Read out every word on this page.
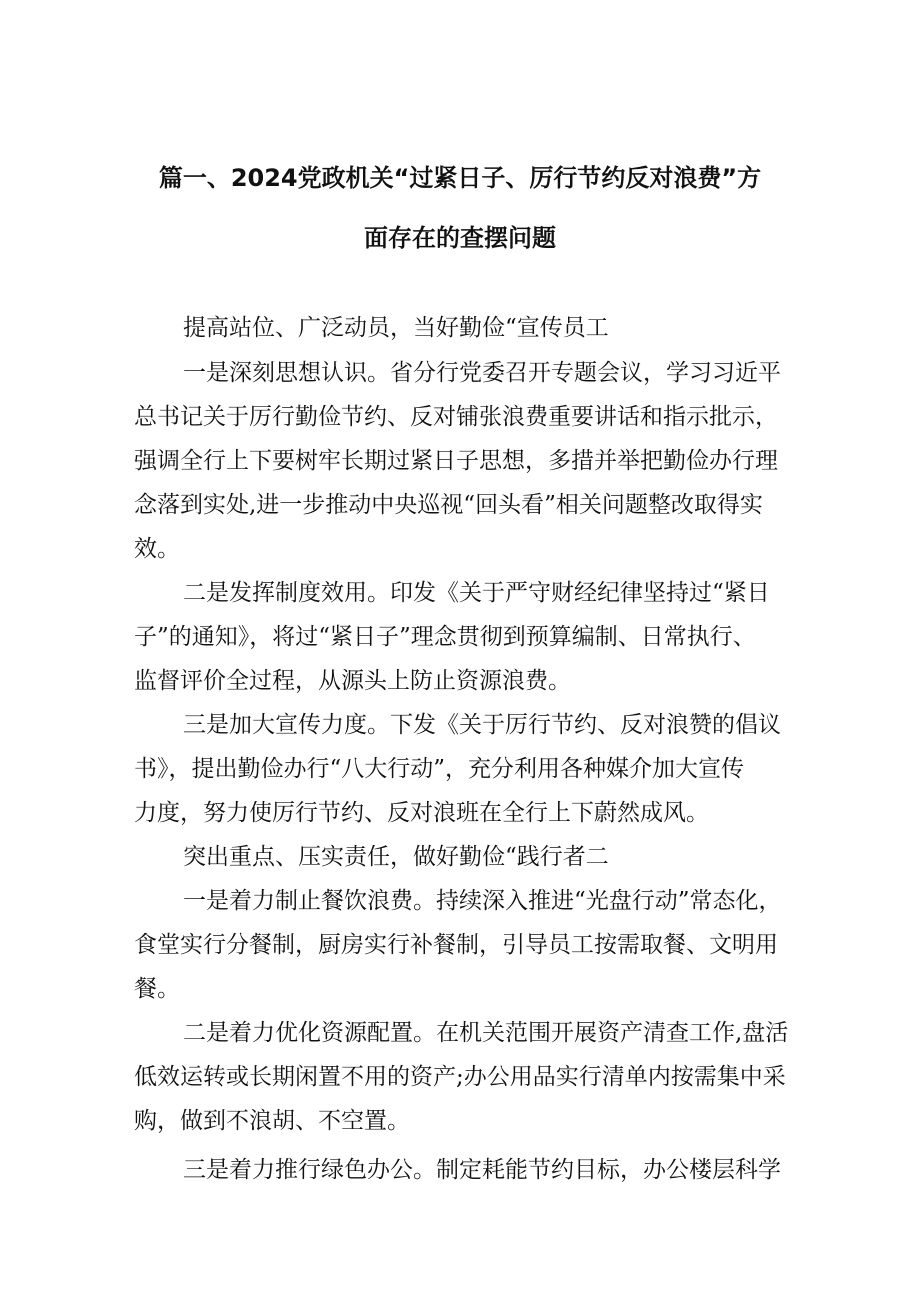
篇一、2024党政机关“过紧日子、厉行节约反对浪费”方
面存在的查摆问题
提高站位、广泛动员，当好勤俭“宣传员工
一是深刻思想认识。省分行党委召开专题会议，学习习近平
总书记关于厉行勤俭节约、反对铺张浪费重要讲话和指示批示，
强调全行上下要树牢长期过紧日子思想，多措并举把勤俭办行理
念落到实处,进一步推动中央巡视“回头看”相关问题整改取得实
效。
二是发挥制度效用。印发《关于严守财经纪律坚持过“紧日
子”的通知》，将过“紧日子”理念贯彻到预算编制、日常执行、
监督评价全过程，从源头上防止资源浪费。
三是加大宣传力度。下发《关于厉行节约、反对浪赞的倡议
书》，提出勤俭办行“八大行动”，充分利用各种媒介加大宣传
力度，努力使厉行节约、反对浪班在全行上下蔚然成风。
突出重点、压实责任，做好勤俭“践行者二
一是着力制止餐饮浪费。持续深入推进“光盘行动”常态化，
食堂实行分餐制，厨房实行补餐制，引导员工按需取餐、文明用
餐。
二是着力优化资源配置。在机关范围开展资产清查工作,盘活
低效运转或长期闲置不用的资产;办公用品实行清单内按需集中采
购，做到不浪胡、不空置。
三是着力推行绿色办公。制定耗能节约目标，办公楼层科学
